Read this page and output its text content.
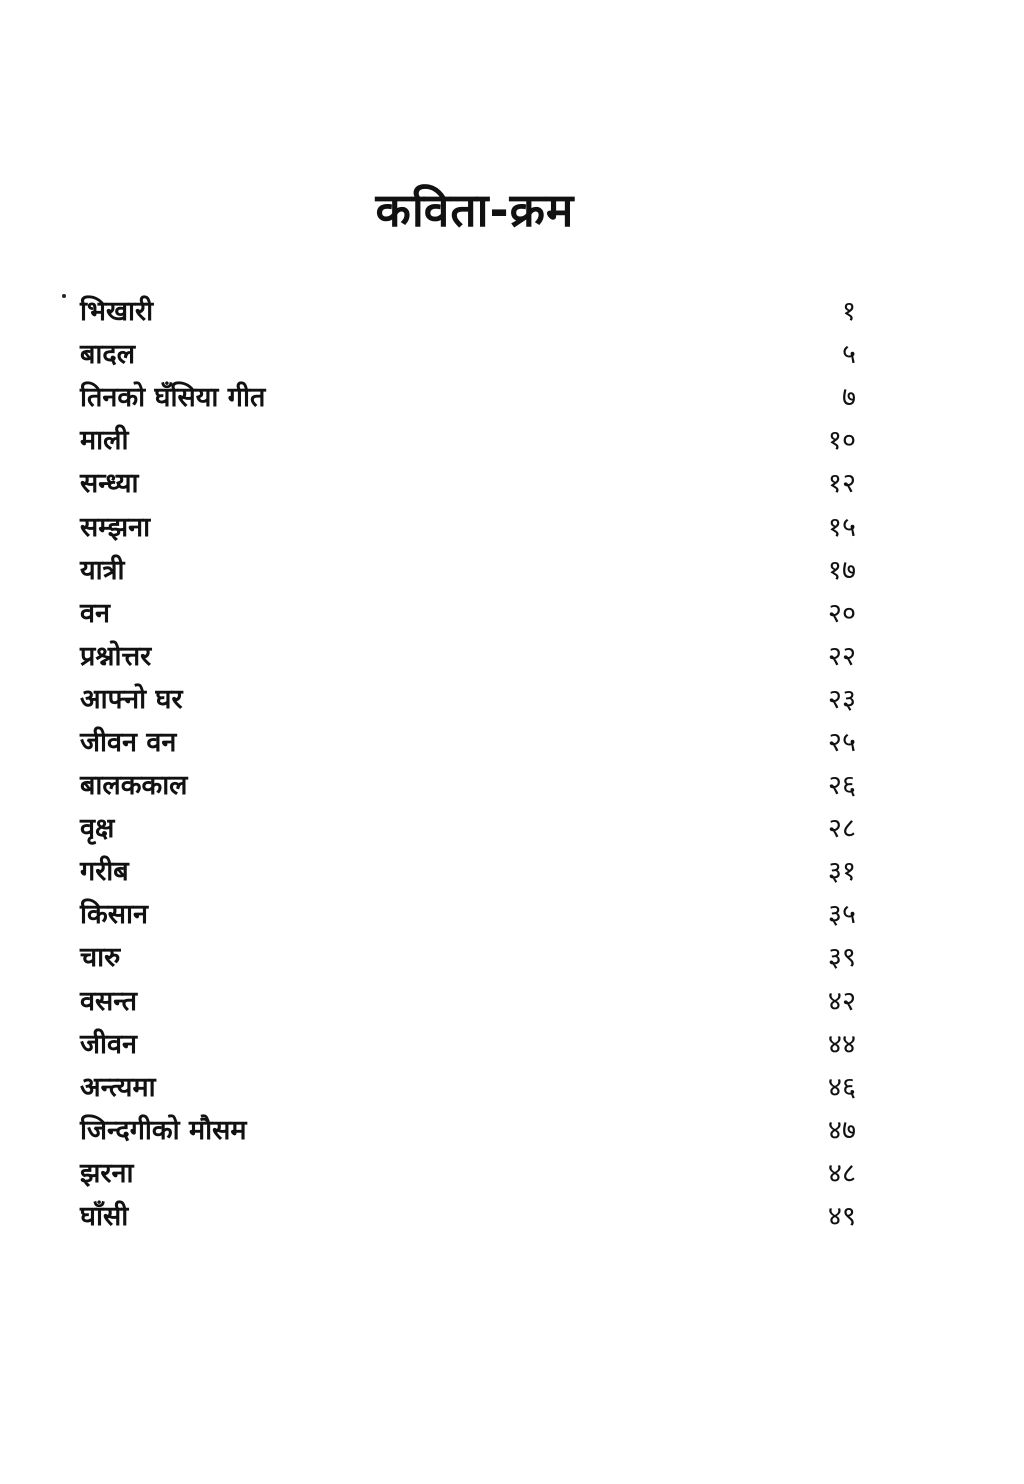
कविता-क्रम
भिखारी	१
बादल	५
तिनको घँसिया गीत	७
माली	१०
सन्ध्या	१२
सम्झना	१५
यात्री	१७
वन	२०
प्रश्नोत्तर	२२
आफ्नो घर	२३
जीवन वन	२५
बालककाल	२६
वृक्ष	२८
गरीब	३१
किसान	३५
चारु	३९
वसन्त	४२
जीवन	४४
अन्त्यमा	४६
जिन्दगीको मौसम	४७
झरना	४८
घाँसी	४९
